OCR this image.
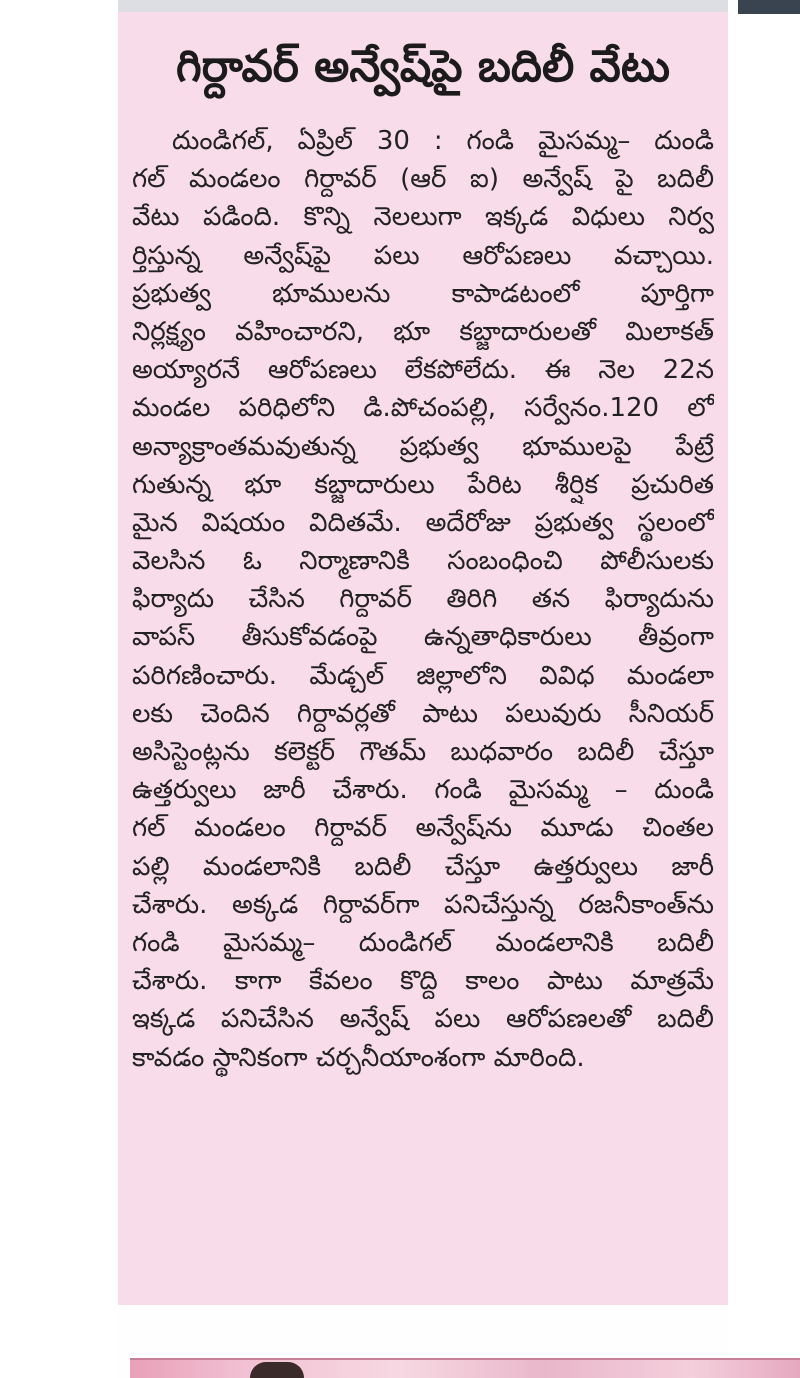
గిర్దావర్ అన్వేష్‌పై బదిలీ వేటు
దుండిగల్, ఏప్రిల్ 30 : గండి మైసమ్మ– దుండి
గల్ మండలం గిర్దావర్ (ఆర్ ఐ) అన్వేష్ పై బదిలీ
వేటు పడింది. కొన్ని నెలలుగా ఇక్కడ విధులు నిర్వ
ర్తిస్తున్న అన్వేష్‌పై పలు ఆరోపణలు వచ్చాయి.
ప్రభుత్వ భూములను కాపాడటంలో పూర్తిగా
నిర్లక్ష్యం వహించారని, భూ కబ్జాదారులతో మిలాకత్
అయ్యారనే ఆరోపణలు లేకపోలేదు. ఈ నెల 22న
మండల పరిధిలోని డి.పోచంపల్లి, సర్వేనం.120 లో
అన్యాక్రాంతమవుతున్న ప్రభుత్వ భూములపై పేట్రే
గుతున్న భూ కబ్జాదారులు పేరిట శీర్షిక ప్రచురిత
మైన విషయం విదితమే. అదేరోజు ప్రభుత్వ స్థలంలో
వెలసిన ఓ నిర్మాణానికి సంబంధించి పోలీసులకు
ఫిర్యాదు చేసిన గిర్దావర్ తిరిగి తన ఫిర్యాదును
వాపస్ తీసుకోవడంపై ఉన్నతాధికారులు తీవ్రంగా
పరిగణించారు. మేడ్చల్ జిల్లాలోని వివిధ మండలా
లకు చెందిన గిర్దావర్లతో పాటు పలువురు సీనియర్
అసిస్టెంట్లను కలెక్టర్ గౌతమ్ బుధవారం బదిలీ చేస్తూ
ఉత్తర్వులు జారీ చేశారు. గండి మైసమ్మ – దుండి
గల్ మండలం గిర్దావర్ అన్వేష్‌ను మూడు చింతల
పల్లి మండలానికి బదిలీ చేస్తూ ఉత్తర్వులు జారీ
చేశారు. అక్కడ గిర్దావర్‌గా పనిచేస్తున్న రజనీకాంత్‌ను
గండి మైసమ్మ– దుండిగల్ మండలానికి బదిలీ
చేశారు. కాగా కేవలం కొద్ది కాలం పాటు మాత్రమే
ఇక్కడ పనిచేసిన అన్వేష్ పలు ఆరోపణలతో బదిలీ
కావడం స్థానికంగా చర్చనీయాంశంగా మారింది.
